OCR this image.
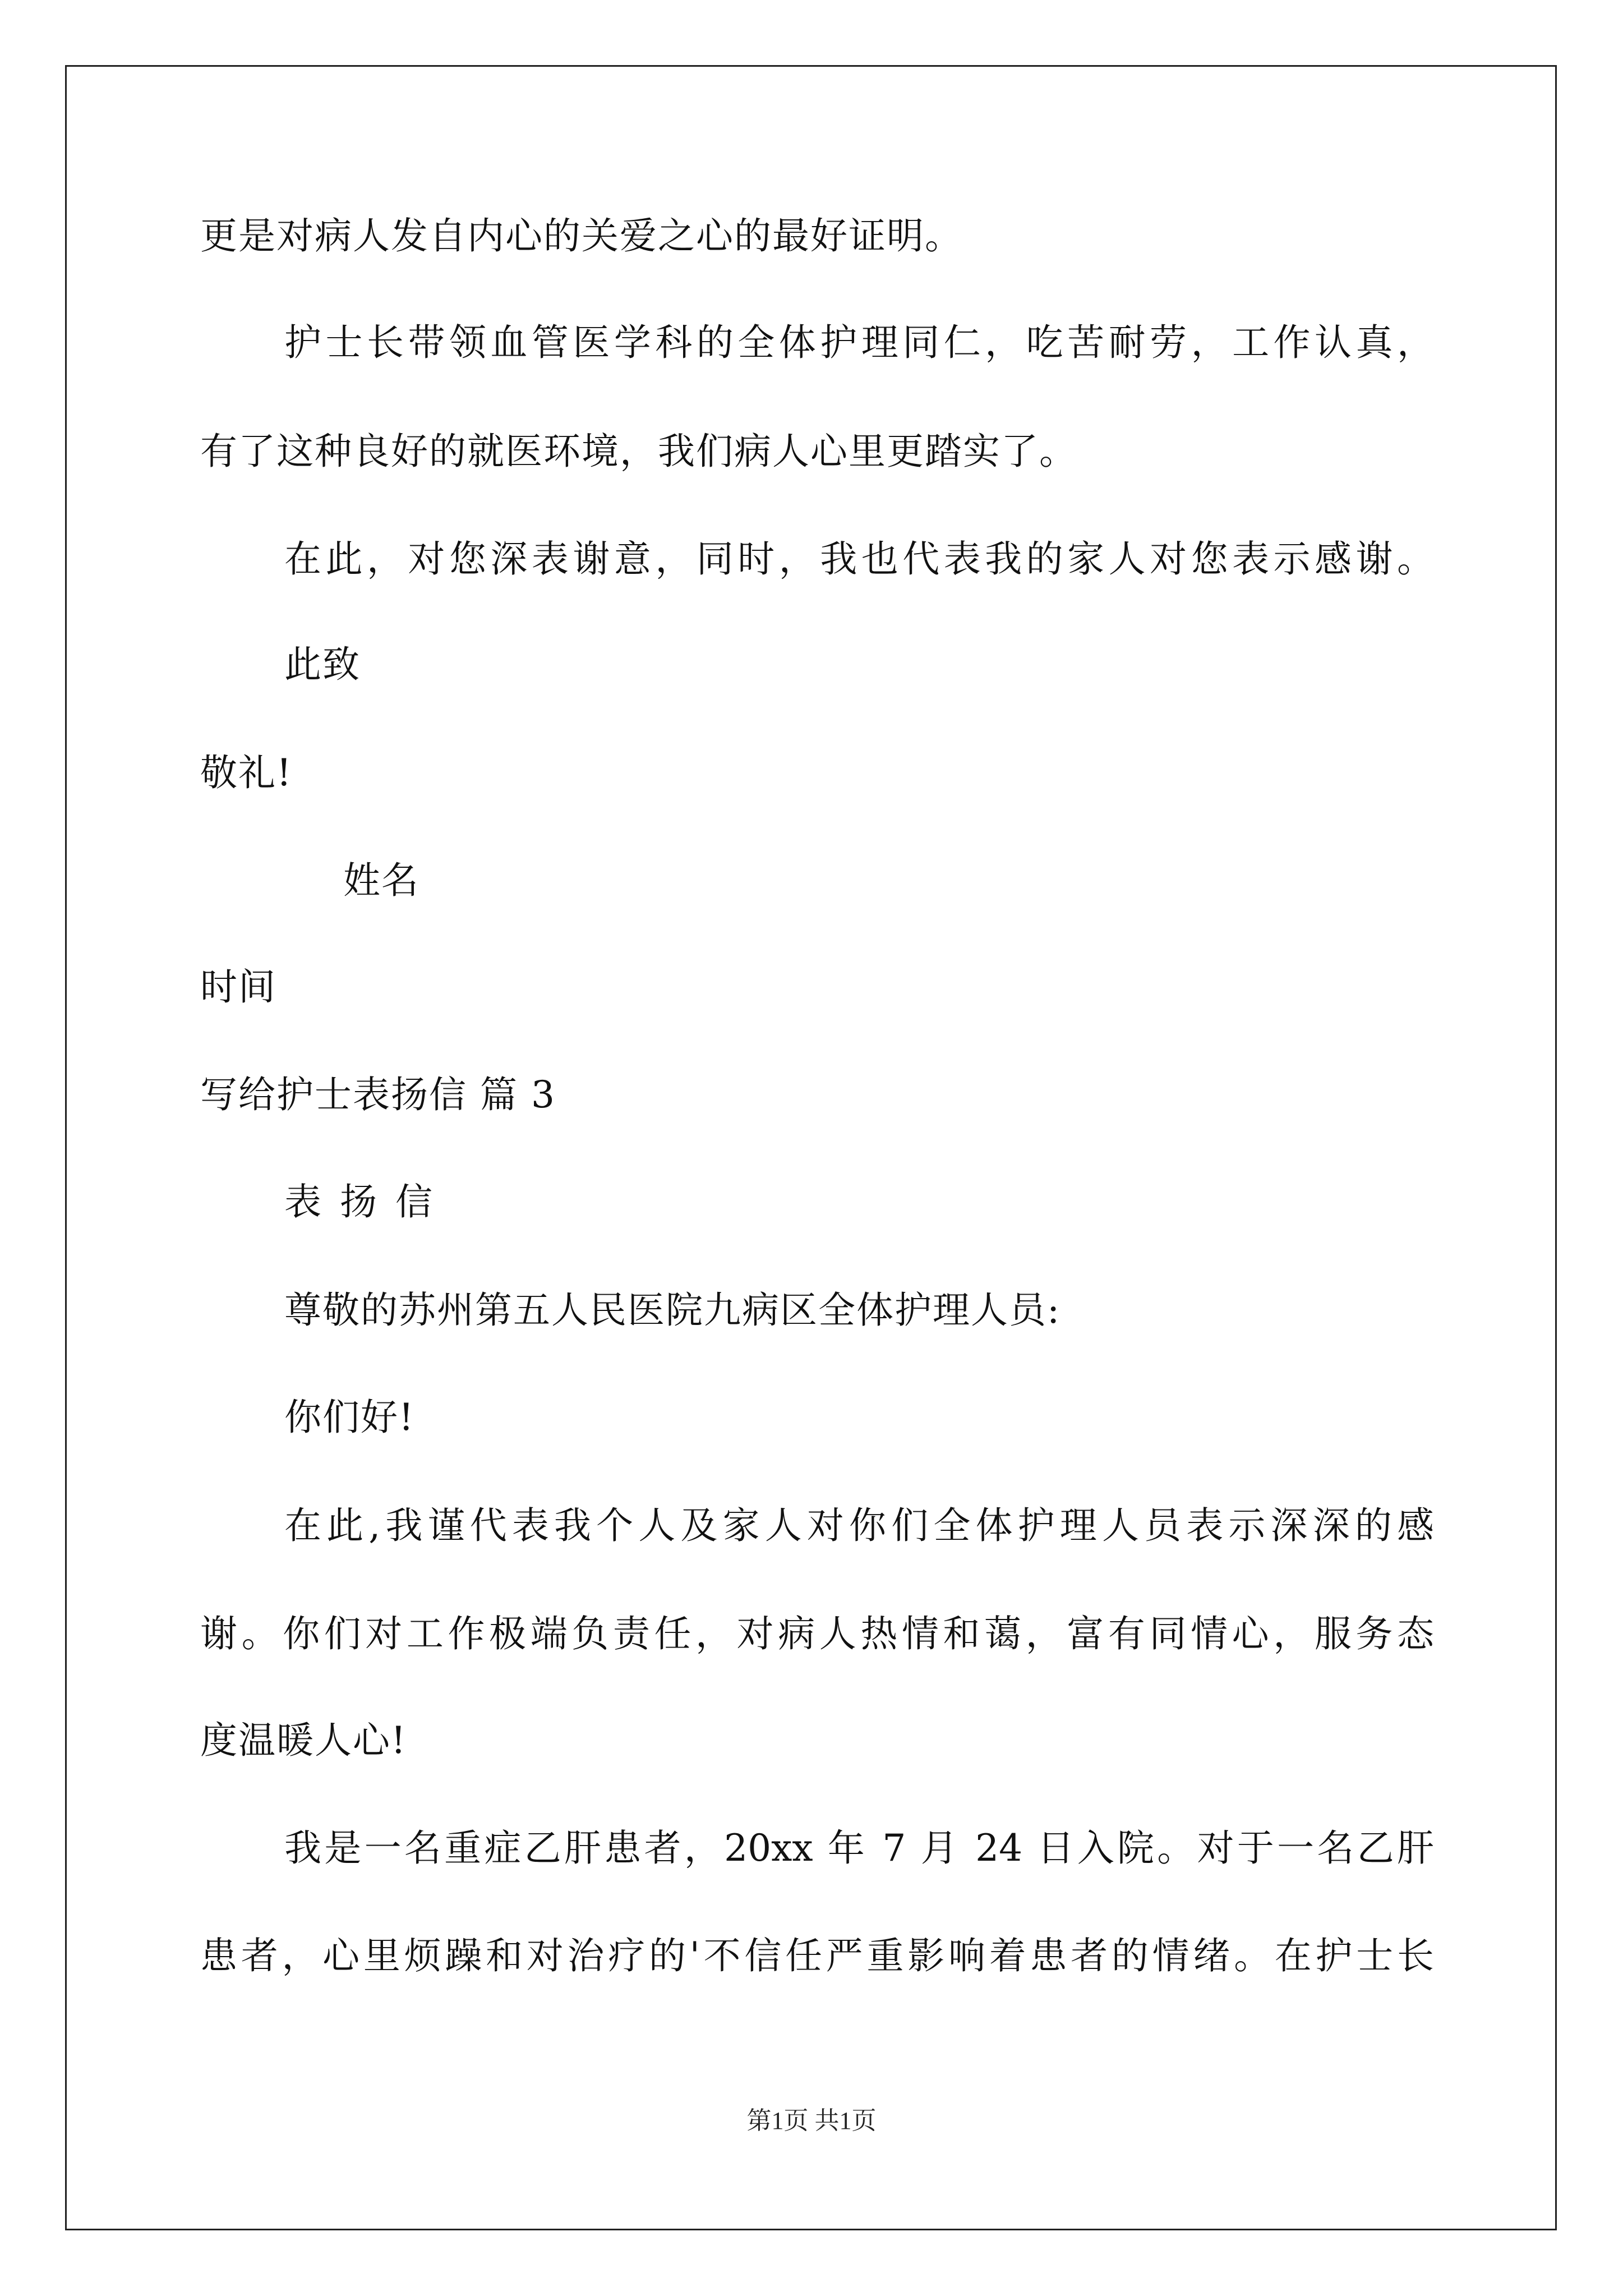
更是对病人发自内心的关爱之心的最好证明。

护士长带领血管医学科的全体护理同仁，吃苦耐劳，工作认真，

有了这种良好的就医环境，我们病人心里更踏实了。

在此，对您深表谢意，同时，我也代表我的家人对您表示感谢。

此致

敬礼!

姓名

时间

写给护士表扬信 篇 3

表 扬 信

尊敬的苏州第五人民医院九病区全体护理人员:

你们好!

在此,我谨代表我个人及家人对你们全体护理人员表示深深的感

谢。你们对工作极端负责任，对病人热情和蔼，富有同情心，服务态

度温暖人心!

我是一名重症乙肝患者，20xx 年 7 月 24 日入院。对于一名乙肝

患者，心里烦躁和对治疗的'不信任严重影响着患者的情绪。在护士长

第1页 共1页
